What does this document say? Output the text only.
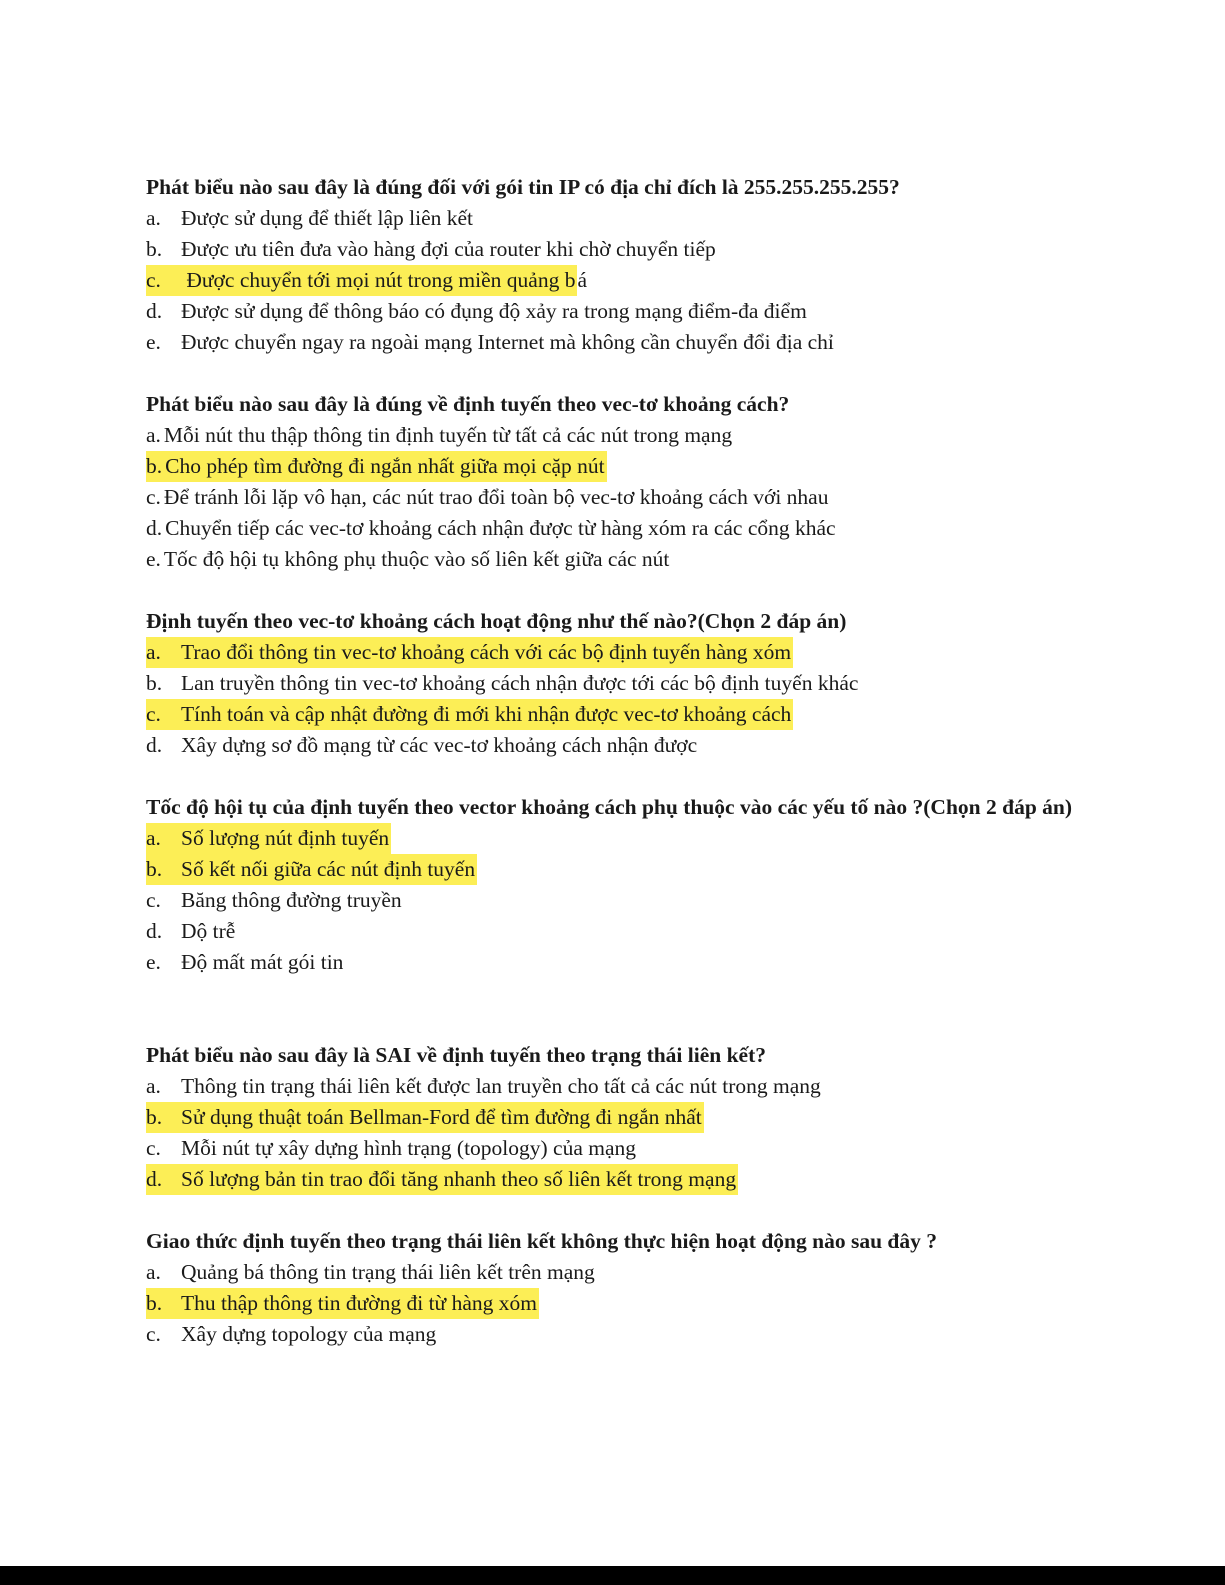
Phát biểu nào sau đây là đúng đối với gói tin IP có địa chỉ đích là 255.255.255.255?

a. Được sử dụng để thiết lập liên kết

b. Được ưu tiên đưa vào hàng đợi của router khi chờ chuyển tiếp

c. Được chuyển tới mọi nút trong miền quảng bá

d. Được sử dụng để thông báo có đụng độ xảy ra trong mạng điểm-đa điểm

e. Được chuyển ngay ra ngoài mạng Internet mà không cần chuyển đổi địa chỉ

Phát biểu nào sau đây là đúng về định tuyến theo vec-tơ khoảng cách?

a. Mỗi nút thu thập thông tin định tuyến từ tất cả các nút trong mạng

b. Cho phép tìm đường đi ngắn nhất giữa mọi cặp nút

c. Để tránh lỗi lặp vô hạn, các nút trao đổi toàn bộ vec-tơ khoảng cách với nhau

d. Chuyển tiếp các vec-tơ khoảng cách nhận được từ hàng xóm ra các cổng khác

e. Tốc độ hội tụ không phụ thuộc vào số liên kết giữa các nút

Định tuyến theo vec-tơ khoảng cách hoạt động như thế nào?(Chọn 2 đáp án)

a. Trao đổi thông tin vec-tơ khoảng cách với các bộ định tuyến hàng xóm

b. Lan truyền thông tin vec-tơ khoảng cách nhận được tới các bộ định tuyến khác

c. Tính toán và cập nhật đường đi mới khi nhận được vec-tơ khoảng cách

d. Xây dựng sơ đồ mạng từ các vec-tơ khoảng cách nhận được

Tốc độ hội tụ của định tuyến theo vector khoảng cách phụ thuộc vào các yếu tố nào ?(Chọn 2 đáp án)

a. Số lượng nút định tuyến

b. Số kết nối giữa các nút định tuyến

c. Băng thông đường truyền

d. Dộ trễ

e. Độ mất mát gói tin

Phát biểu nào sau đây là SAI về định tuyến theo trạng thái liên kết?

a. Thông tin trạng thái liên kết được lan truyền cho tất cả các nút trong mạng

b. Sử dụng thuật toán Bellman-Ford để tìm đường đi ngắn nhất

c. Mỗi nút tự xây dựng hình trạng (topology) của mạng

d. Số lượng bản tin trao đổi tăng nhanh theo số liên kết trong mạng

Giao thức định tuyến theo trạng thái liên kết không thực hiện hoạt động nào sau đây ?

a. Quảng bá thông tin trạng thái liên kết trên mạng

b. Thu thập thông tin đường đi từ hàng xóm

c. Xây dựng topology của mạng
